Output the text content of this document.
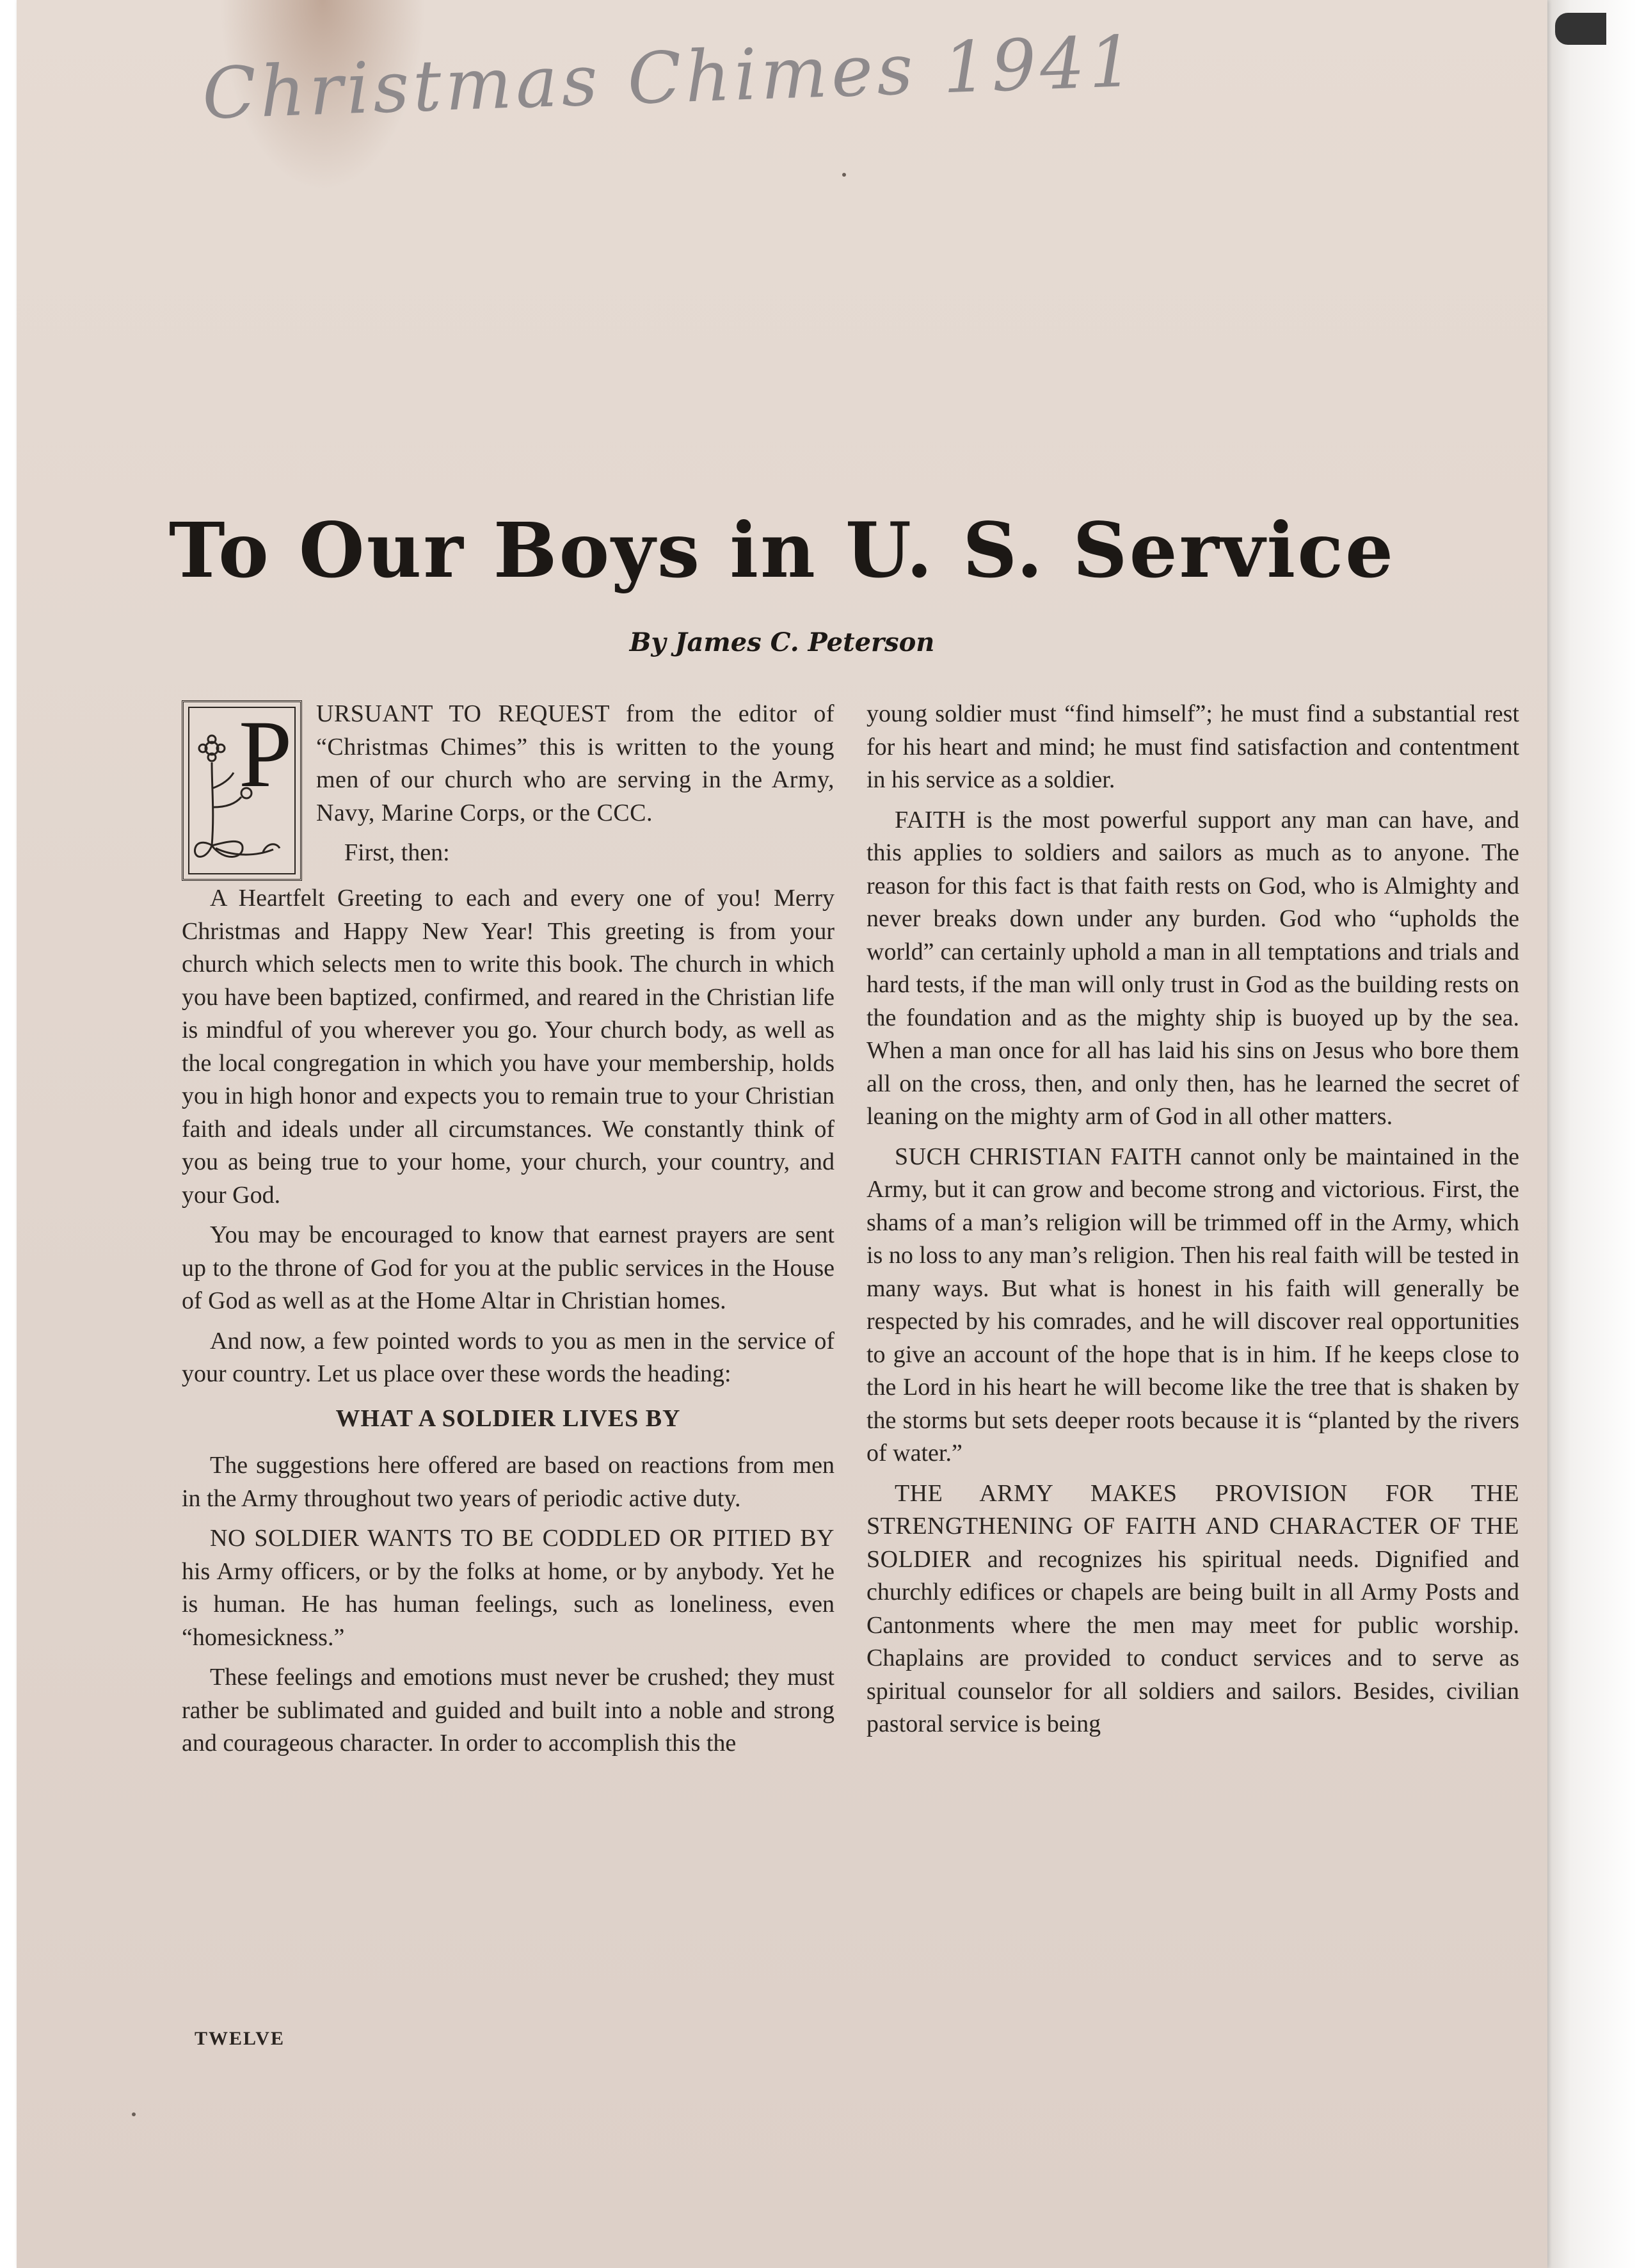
Christmas Chimes 1941
To Our Boys in U. S. Service
By James C. Peterson
P URSUANT TO REQUEST from the editor of “Christmas Chimes” this is written to the young men of our church who are serving in the Army, Navy, Marine Corps, or the CCC.

First, then:

A Heartfelt Greeting to each and every one of you! Merry Christmas and Happy New Year! This greeting is from your church which selects men to write this book. The church in which you have been baptized, confirmed, and reared in the Christian life is mindful of you wherever you go. Your church body, as well as the local congregation in which you have your membership, holds you in high honor and expects you to remain true to your Christian faith and ideals under all circumstances. We constantly think of you as being true to your home, your church, your country, and your God.

You may be encouraged to know that earnest prayers are sent up to the throne of God for you at the public services in the House of God as well as at the Home Altar in Christian homes.

And now, a few pointed words to you as men in the service of your country. Let us place over these words the heading:

WHAT A SOLDIER LIVES BY

The suggestions here offered are based on reactions from men in the Army throughout two years of periodic active duty.

NO SOLDIER WANTS TO BE CODDLED OR PITIED BY his Army officers, or by the folks at home, or by anybody. Yet he is human. He has human feelings, such as loneliness, even “homesickness.”

These feelings and emotions must never be crushed; they must rather be sublimated and guided and built into a noble and strong and courageous character. In order to accomplish this the

young soldier must “find himself”; he must find a substantial rest for his heart and mind; he must find satisfaction and contentment in his service as a soldier.

FAITH is the most powerful support any man can have, and this applies to soldiers and sailors as much as to anyone. The reason for this fact is that faith rests on God, who is Almighty and never breaks down under any burden. God who “upholds the world” can certainly uphold a man in all temptations and trials and hard tests, if the man will only trust in God as the building rests on the foundation and as the mighty ship is buoyed up by the sea. When a man once for all has laid his sins on Jesus who bore them all on the cross, then, and only then, has he learned the secret of leaning on the mighty arm of God in all other matters.

SUCH CHRISTIAN FAITH cannot only be maintained in the Army, but it can grow and become strong and victorious. First, the shams of a man’s religion will be trimmed off in the Army, which is no loss to any man’s religion. Then his real faith will be tested in many ways. But what is honest in his faith will generally be respected by his comrades, and he will discover real opportunities to give an account of the hope that is in him. If he keeps close to the Lord in his heart he will become like the tree that is shaken by the storms but sets deeper roots because it is “planted by the rivers of water.”

THE ARMY MAKES PROVISION FOR THE STRENGTHENING OF FAITH AND CHARACTER OF THE SOLDIER and recognizes his spiritual needs. Dignified and churchly edifices or chapels are being built in all Army Posts and Cantonments where the men may meet for public worship. Chaplains are provided to conduct services and to serve as spiritual counselor for all soldiers and sailors. Besides, civilian pastoral service is being

TWELVE
